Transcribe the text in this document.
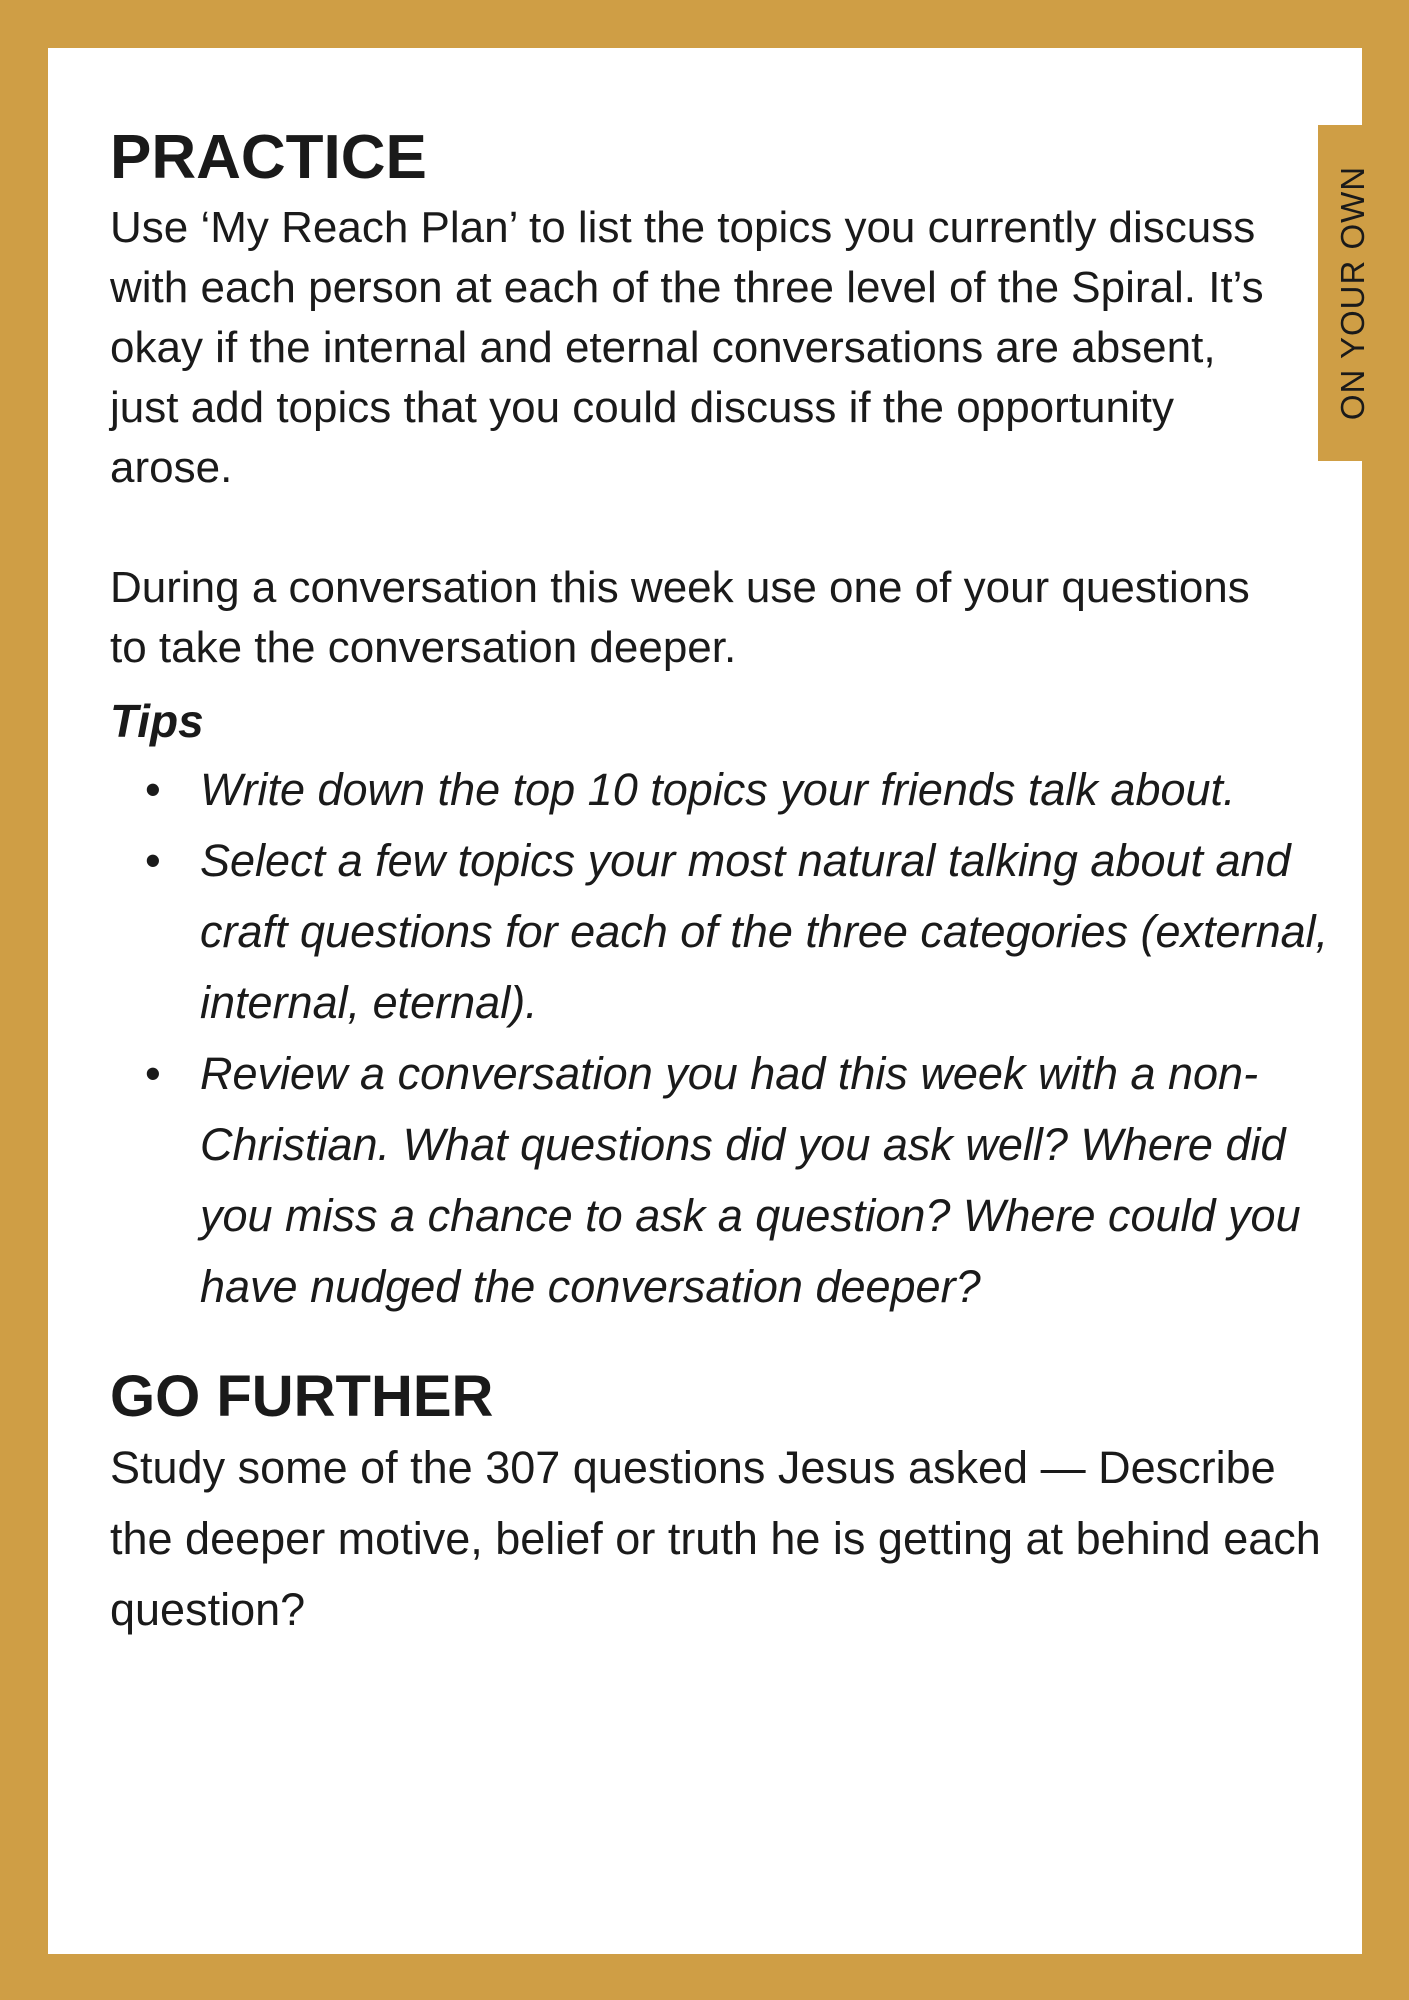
ON YOUR OWN
PRACTICE

Use ‘My Reach Plan’ to list the topics you currently discuss with each person at each of the three level of the Spiral. It’s okay if the internal and eternal conversations are absent, just add topics that you could discuss if the opportunity arose.

During a conversation this week use one of your questions to take the conversation deeper.

Tips

• Write down the top 10 topics your friends talk about.
• Select a few topics your most natural talking about and craft questions for each of the three categories (external, internal, eternal).
• Review a conversation you had this week with a non-Christian. What questions did you ask well? Where did you miss a chance to ask a question? Where could you have nudged the conversation deeper?
GO FURTHER

Study some of the 307 questions Jesus asked — Describe the deeper motive, belief or truth he is getting at behind each question?
